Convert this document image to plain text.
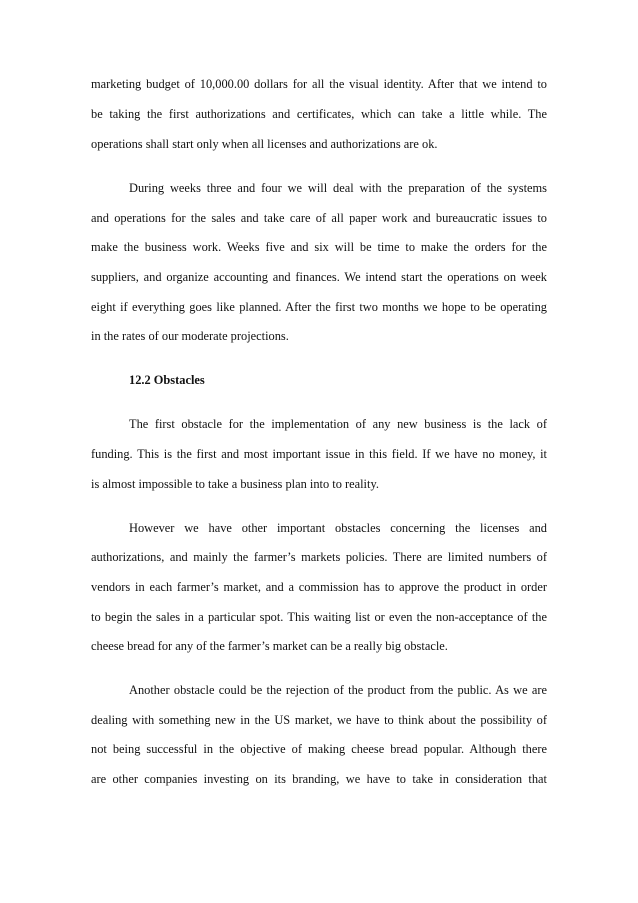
marketing budget of 10,000.00 dollars for all the visual identity. After that we intend to
be taking the first authorizations and certificates, which can take a little while. The
operations shall start only when all licenses and authorizations are ok.
During weeks three and four we will deal with the preparation of the systems
and operations for the sales and take care of all paper work and bureaucratic issues to
make the business work. Weeks five and six will be time to make the orders for the
suppliers, and organize accounting and finances. We intend start the operations on week
eight if everything goes like planned. After the first two months we hope to be operating
in the rates of our moderate projections.
12.2 Obstacles
The first obstacle for the implementation of any new business is the lack of
funding. This is the first and most important issue in this field. If we have no money, it
is almost impossible to take a business plan into to reality.
However we have other important obstacles concerning the licenses and
authorizations, and mainly the farmer’s markets policies. There are limited numbers of
vendors in each farmer’s market, and a commission has to approve the product in order
to begin the sales in a particular spot. This waiting list or even the non-acceptance of the
cheese bread for any of the farmer’s market can be a really big obstacle.
Another obstacle could be the rejection of the product from the public. As we are
dealing with something new in the US market, we have to think about the possibility of
not being successful in the objective of making cheese bread popular. Although there
are other companies investing on its branding, we have to take in consideration that
